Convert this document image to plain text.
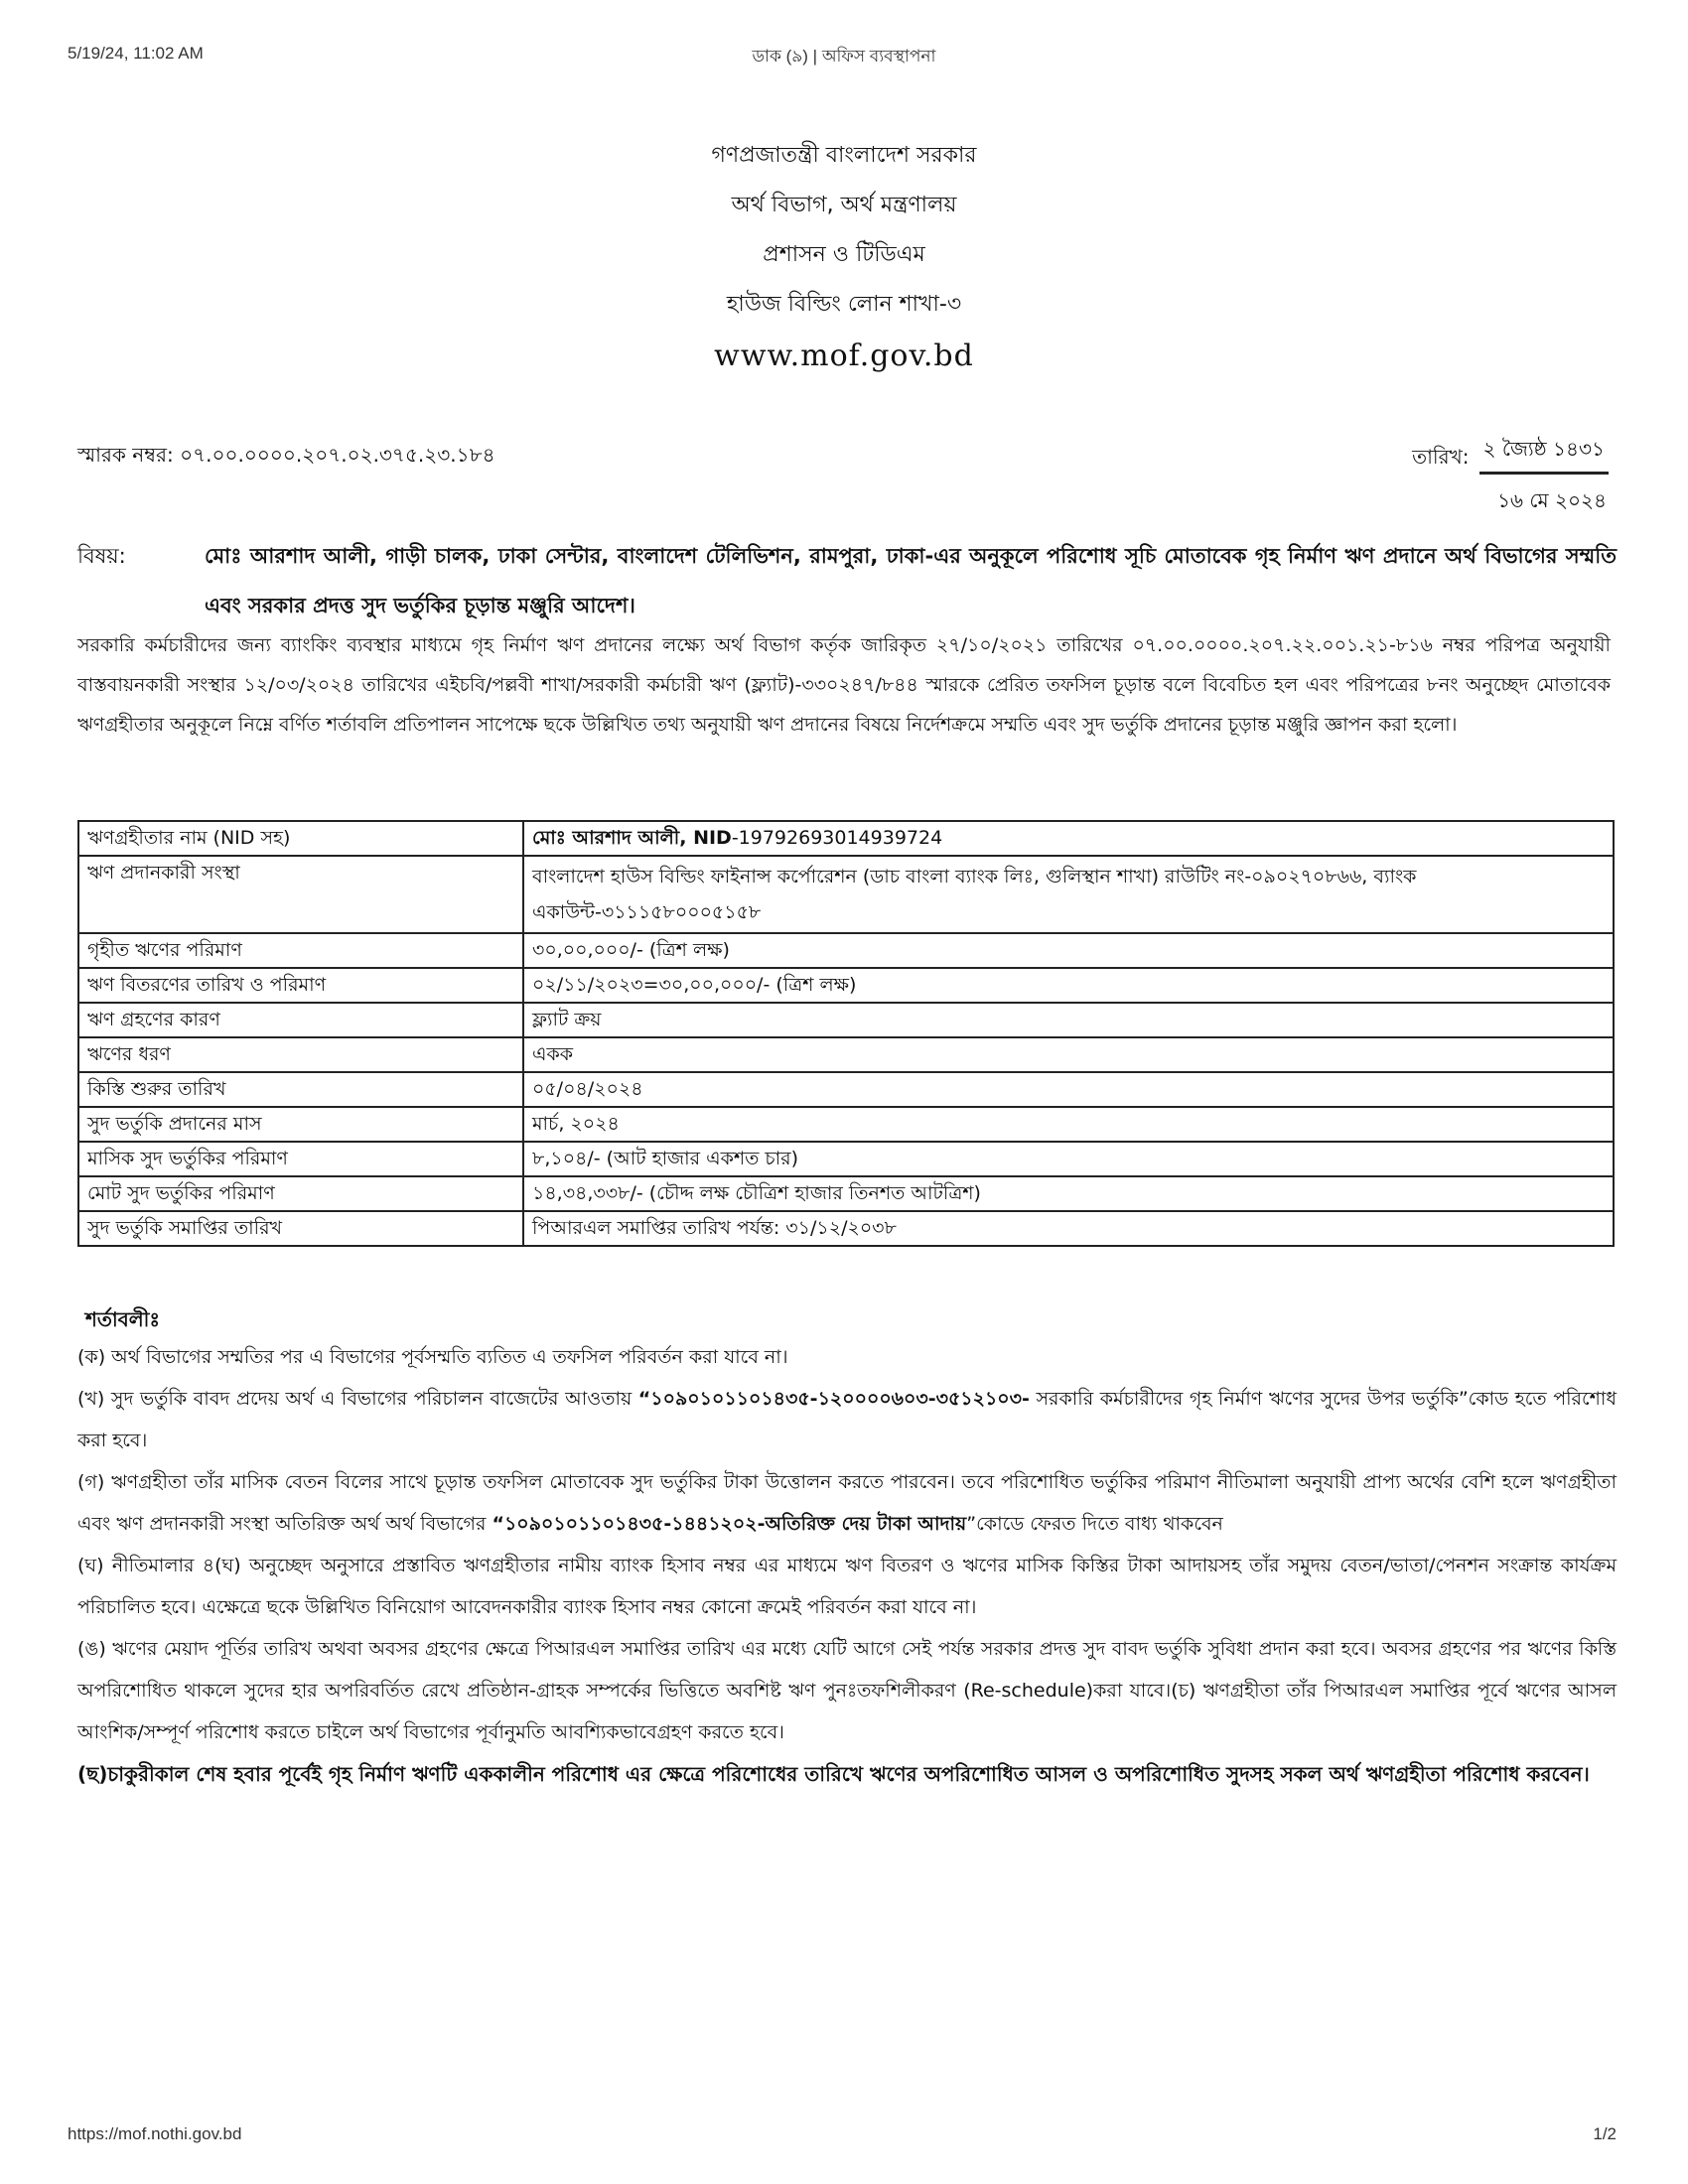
5/19/24, 11:02 AM	ডাক (৯) | অফিস ব্যবস্থাপনা
গণপ্রজাতন্ত্রী বাংলাদেশ সরকার
অর্থ বিভাগ, অর্থ মন্ত্রণালয়
প্রশাসন ও টিডিএম
হাউজ বিল্ডিং লোন শাখা-৩
www.mof.gov.bd
স্মারক নম্বর: ০৭.০০.০০০০.২০৭.০২.৩৭৫.২৩.১৮৪	তারিখ: ২ জ্যৈষ্ঠ ১৪৩১
১৬ মে ২০২৪
বিষয়:	মোঃ আরশাদ আলী, গাড়ী চালক, ঢাকা সেন্টার, বাংলাদেশ টেলিভিশন, রামপুরা, ঢাকা-এর অনুকূলে পরিশোধ সূচি মোতাবেক গৃহ নির্মাণ ঋণ প্রদানে অর্থ বিভাগের সম্মতি এবং সরকার প্রদত্ত সুদ ভর্তুকির চূড়ান্ত মঞ্জুরি আদেশ।
সরকারি কর্মচারীদের জন্য ব্যাংকিং ব্যবস্থার মাধ্যমে গৃহ নির্মাণ ঋণ প্রদানের লক্ষ্যে অর্থ বিভাগ কর্তৃক জারিকৃত ২৭/১০/২০২১ তারিখের ০৭.০০.০০০০.২০৭.২২.০০১.২১-৮১৬ নম্বর পরিপত্র অনুযায়ী বাস্তবায়নকারী সংস্থার ১২/০৩/২০২৪ তারিখের এইচবি/পল্লবী শাখা/সরকারী কর্মচারী ঋণ (ফ্ল্যাট)-৩৩০২৪৭/৮৪৪ স্মারকে প্রেরিত তফসিল চূড়ান্ত বলে বিবেচিত হল এবং পরিপত্রের ৮নং অনুচ্ছেদ মোতাবেক ঋণগ্রহীতার অনুকূলে নিম্নে বর্ণিত শর্তাবলি প্রতিপালন সাপেক্ষে ছকে উল্লিখিত তথ্য অনুযায়ী ঋণ প্রদানের বিষয়ে নির্দেশক্রমে সম্মতি এবং সুদ ভর্তুকি প্রদানের চূড়ান্ত মঞ্জুরি জ্ঞাপন করা হলো।
ঋণগ্রহীতার নাম (NID সহ)	মোঃ আরশাদ আলী, NID-19792693014939724
ঋণ প্রদানকারী সংস্থা	বাংলাদেশ হাউস বিল্ডিং ফাইনান্স কর্পোরেশন (ডাচ বাংলা ব্যাংক লিঃ, গুলিস্থান শাখা) রাউটিং নং-০৯০২৭০৮৬৬, ব্যাংক একাউন্ট-৩১১১৫৮০০০৫১৫৮
গৃহীত ঋণের পরিমাণ	৩০,০০,০০০/- (ত্রিশ লক্ষ)
ঋণ বিতরণের তারিখ ও পরিমাণ	০২/১১/২০২৩=৩০,০০,০০০/- (ত্রিশ লক্ষ)
ঋণ গ্রহণের কারণ	ফ্ল্যাট ক্রয়
ঋণের ধরণ	একক
কিস্তি শুরুর তারিখ	০৫/০৪/২০২৪
সুদ ভর্তুকি প্রদানের মাস	মার্চ, ২০২৪
মাসিক সুদ ভর্তুকির পরিমাণ	৮,১০৪/- (আট হাজার একশত চার)
মোট সুদ ভর্তুকির পরিমাণ	১৪,৩৪,৩৩৮/- (চৌদ্দ লক্ষ চৌত্রিশ হাজার তিনশত আটত্রিশ)
সুদ ভর্তুকি সমাপ্তির তারিখ	পিআরএল সমাপ্তির তারিখ পর্যন্ত: ৩১/১২/২০৩৮
শর্তাবলীঃ

(ক) অর্থ বিভাগের সম্মতির পর এ বিভাগের পূর্বসম্মতি ব্যতিত এ তফসিল পরিবর্তন করা যাবে না।

(খ) সুদ ভর্তুকি বাবদ প্রদেয় অর্থ এ বিভাগের পরিচালন বাজেটের আওতায় “১০৯০১০১১০১৪৩৫-১২০০০০৬০৩-৩৫১২১০৩- সরকারি কর্মচারীদের গৃহ নির্মাণ ঋণের সুদের উপর ভর্তুকি”কোড হতে পরিশোধ করা হবে।

(গ) ঋণগ্রহীতা তাঁর মাসিক বেতন বিলের সাথে চূড়ান্ত তফসিল মোতাবেক সুদ ভর্তুকির টাকা উত্তোলন করতে পারবেন। তবে পরিশোধিত ভর্তুকির পরিমাণ নীতিমালা অনুযায়ী প্রাপ্য অর্থের বেশি হলে ঋণগ্রহীতা এবং ঋণ প্রদানকারী সংস্থা অতিরিক্ত অর্থ অর্থ বিভাগের “১০৯০১০১১০১৪৩৫-১৪৪১২০২-অতিরিক্ত দেয় টাকা আদায়”কোডে ফেরত দিতে বাধ্য থাকবেন

(ঘ) নীতিমালার ৪(ঘ) অনুচ্ছেদ অনুসারে প্রস্তাবিত ঋণগ্রহীতার নামীয় ব্যাংক হিসাব নম্বর এর মাধ্যমে ঋণ বিতরণ ও ঋণের মাসিক কিস্তির টাকা আদায়সহ তাঁর সমুদয় বেতন/ভাতা/পেনশন সংক্রান্ত কার্যক্রম পরিচালিত হবে। এক্ষেত্রে ছকে উল্লিখিত বিনিয়োগ আবেদনকারীর ব্যাংক হিসাব নম্বর কোনো ক্রমেই পরিবর্তন করা যাবে না।

(ঙ) ঋণের মেয়াদ পূর্তির তারিখ অথবা অবসর গ্রহণের ক্ষেত্রে পিআরএল সমাপ্তির তারিখ এর মধ্যে যেটি আগে সেই পর্যন্ত সরকার প্রদত্ত সুদ বাবদ ভর্তুকি সুবিধা প্রদান করা হবে। অবসর গ্রহণের পর ঋণের কিস্তি অপরিশোধিত থাকলে সুদের হার অপরিবর্তিত রেখে প্রতিষ্ঠান-গ্রাহক সম্পর্কের ভিত্তিতে অবশিষ্ট ঋণ পুনঃতফশিলীকরণ (Re-schedule)করা যাবে।(চ) ঋণগ্রহীতা তাঁর পিআরএল সমাপ্তির পূর্বে ঋণের আসল আংশিক/সম্পূর্ণ পরিশোধ করতে চাইলে অর্থ বিভাগের পূর্বানুমতি আবশ্যিকভাবেগ্রহণ করতে হবে।

(ছ)চাকুরীকাল শেষ হবার পূর্বেই গৃহ নির্মাণ ঋণটি এককালীন পরিশোধ এর ক্ষেত্রে পরিশোধের তারিখে ঋণের অপরিশোধিত আসল ও অপরিশোধিত সুদসহ সকল অর্থ ঋণগ্রহীতা পরিশোধ করবেন।

https://mof.nothi.gov.bd	1/2
